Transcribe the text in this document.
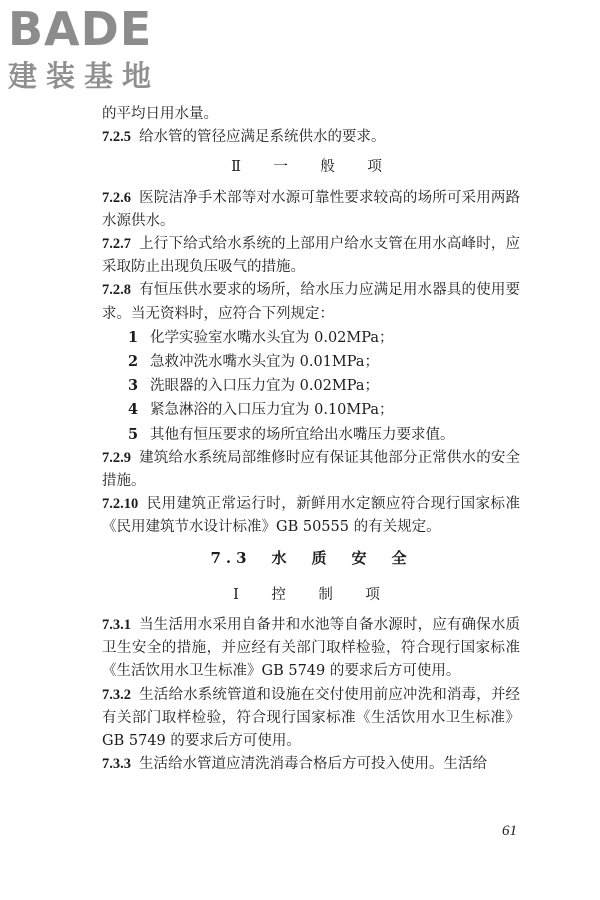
BADE
建装基地

的平均日用水量。

7.2.5 给水管的管径应满足系统供水的要求。

Ⅱ　一　般　项

7.2.6 医院洁净手术部等对水源可靠性要求较高的场所可采用两路水源供水。

7.2.7 上行下给式给水系统的上部用户给水支管在用水高峰时，应采取防止出现负压吸气的措施。

7.2.8 有恒压供水要求的场所，给水压力应满足用水器具的使用要求。当无资料时，应符合下列规定：

1 化学实验室水嘴水头宜为 0.02MPa；

2 急救冲洗水嘴水头宜为 0.01MPa；

3 洗眼器的入口压力宜为 0.02MPa；

4 紧急淋浴的入口压力宜为 0.10MPa；

5 其他有恒压要求的场所宜给出水嘴压力要求值。

7.2.9 建筑给水系统局部维修时应有保证其他部分正常供水的安全措施。

7.2.10 民用建筑正常运行时，新鲜用水定额应符合现行国家标准《民用建筑节水设计标准》GB 50555 的有关规定。

7.3　水　质　安　全

Ⅰ　控　制　项

7.3.1 当生活用水采用自备井和水池等自备水源时，应有确保水质卫生安全的措施，并应经有关部门取样检验，符合现行国家标准《生活饮用水卫生标准》GB 5749 的要求后方可使用。

7.3.2 生活给水系统管道和设施在交付使用前应冲洗和消毒，并经有关部门取样检验，符合现行国家标准《生活饮用水卫生标准》GB 5749 的要求后方可使用。

7.3.3 生活给水管道应清洗消毒合格后方可投入使用。生活给

61
